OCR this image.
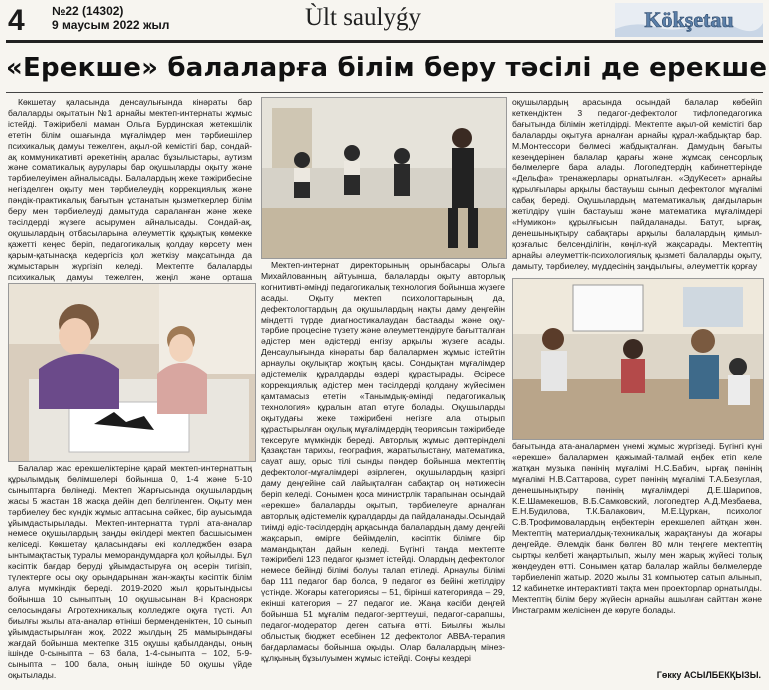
4 №22 (14302)
9 маусым 2022 жыл	Ùlt saulyǵy	Kökşetau
«Ерекше» балаларға білім беру тәсілі де ерекше

Көкшетау қаласында денсаулығында кінәраты бар балаларды оқытатын №1 арнайы мектеп-интернаты жұмыс істейді. Тәжірибелі маман Ольга Бурдинская жетекшілік ететін білім ошағында мұғалімдер мен тәрбиешілер психикалық дамуы тежелген, ақыл-ой кемістігі бар, сондай-ақ коммуникативті әрекетінің аралас бұзылыстары, аутизм және соматикалық аурулары бар оқушыларды оқыту және тәрбиелеуімен айналысады. Балалардың жеке тәжірибесіне негізделген оқыту мен тәрбиелеудің коррекциялық және пәндік-практикалық бағытын ұстанатын қызметкерлер білім беру мен тәрбиелеуді дамытуда сараланған және жеке тәсілдерді жүзеге асырумен айналысады. Сондай-ақ, оқушылардың отбасыларына әлеуметтік құқықтық көмекке қажетті кеңес беріп, педагогикалық қолдау көрсету мен қарым-қатынасқа кедергісіз қол жеткізу мақсатында да жұмыстарын жүргізіп келеді. Мектепте балаларды психикалық дамуы тежелген, жеңіл және орташа

Балалар жас ерекшеліктеріне қарай мектеп-интернаттың құрылымдық бөлімшелері бойынша 0, 1-4 және 5-10 сыныптарға бөлінеді. Мектеп Жарғысында оқушылардың жасы 5 жастан 18 жасқа дейін деп белгіленген. Оқыту мен тәрбиелеу бес күндік жұмыс аптасына сәйкес, бір ауысымда ұйымдастырылады. Мектеп-интернатта түрлі ата-аналар немесе оқушылардың заңды өкілдері мектеп басшысымен келіседі. Көкшетау қаласындағы екі колледжбен өзара ынтымақтастық туралы меморандумдарға қол қойылды. Бұл кәсіптік бағдар беруді ұйымдастыруға оң әсерін тигізіп, түлектерге осы оқу орындарынан жан-жақты кәсіптік білім алуға мүмкіндік береді. 2019-2020 жыл қорытындысы бойынша 10 сыныптың 10 оқушысынан 8-і Красноярк селосындағы Агротехникалық колледжге оқуға түсті. Ал биылғы жылы ата-аналар өтініші берменденіктен, 10 сынып ұйымдастырылған жоқ. 2022 жылдың 25 мамырындағы жағдай бойынша мектепке 315 оқушы қабылданды, оның ішінде 0-сыныпта – 63 бала, 1-4-сыныпта – 102, 5-9-сыныпта – 100 бала, оның ішінде 50 оқушы үйде оқытылады.

Мектеп-интернат директорының орынбасары Ольга Михайлованның айтуынша, балаларды оқыту авторлық когнитивті-әмінді педагогикалық технология бойынша жүзеге асады. Оқыту мектеп психологтарының да, дефектологтардың да оқушылардың нақты даму деңгейін міндетті түрде диагностикалаудан бастаады және оқу-тәрбие процесіне түзету және әлеуметтендіруге бағытталған әдістер мен әдістерді енгізу арқылы жүзеге асады. Денсаулығында кінәраты бар балалармен жұмыс істейтін арнаулы оқулықтар жоқтың қасы. Сондықтан мұғалімдер әдістемелік құралдарды өздері құрастырады. Әсіресе коррекциялық әдістер мен тәсілдерді қолдану жүйесімен қамтамасыз ететін «Танымдық-әмінді педагогикалық технология» құралын атап өтуге болады. Оқушыларды оқытудағы жеке тәжірибені негізге ала отырып құрастырылған оқулық мұғалімдердің теориясын тәжірибеде тексеруге мүмкіндік береді. Авторлық жұмыс дәптерінделі Қазақстан тарихы, география, жаратылыстану, математика, сауат ашу, орыс тілі сынды пәндер бойынша мектептің дефектолог-мұғалімдері әзірлеген, оқушылардың қазіргі даму деңгейіне сай лайықталған сабақтар оң нәтижесін беріп келеді. Сонымен қоса министрлік тарапынан осындай «ерекше» балаларды оқытып, тәрбиелеуге арналған авторлық әдістемелік құралдарды да пайдаланады.Осындай тиімді әдіс-тәсілдердің арқасында балалардың даму деңгейі жақсарып, өмірге бейімделіп, кәсіптік білімге бір мамандықтан дайын келеді. Бүгінгі таңда мектепте тәжірибелі 123 педагог қызмет істейді. Олардың дефектолог немесе бейінді білімі болуы талап етіледі. Арнаулы білімі бар 111 педагог бар болса, 9 педагог өз бейіні жетілдіру үстінде. Жоғары категориясы – 51, бірінші категорияда – 29, екінші категория – 27 педагог ие. Жаңа кәсіби деңгей бойынша 51 мұғалім педагог-зерттеуші, педагог-сарапшы, педагог-модератор деген сатыға өтті. Биылғы жылы облыстық бюджет есебінен 12 дефектолог АВВА-терапия бағдарламасы бойынша оқыды. Олар балалардың мінез-құлқының бұзылуымен жұмыс істейді. Соңғы кездері

оқушылардың арасында осындай балалар көбейіп кеткендіктен 3 педагог-дефектолог тифлопедагогика бағытында білімін жетілдірді. Мектепте ақыл-ой кемістігі бар балаларды оқытуға арналған арнайы құрал-жабдықтар бар. М.Монтессори бөлмесі жабдықталған. Дамудың бағыты кезеңдерінен балалар қарағы және жұмсақ сенсорлық бөлмелерге бара алады. Логопедтердің кабинеттерінде «Дельфа» тренажерлары орнатылған. «ЭдуКесет» арнайы құрылғылары арқылы бастауыш сынып дефектолог мұғалімі сабақ береді. Оқушылардың математикалық дағдыларын жетілдіру үшін бастауыш және математика мұғалімдері «Нумикон» құрылғысын пайдаланады. Батут, ырғақ, денешынықтыру сабақтары арқылы балалардың қимыл-қозғалыс белсенділігін, көңіл-күй жақсарады. Мектептің арнайы әлеуметтік-психологиялық қызметі балаларды оқыту, дамыту, тәрбиелеу, мүддесінің заңдылығы, әлеуметтік қорғау

бағытында ата-аналармен үнемі жұмыс жүргізеді. Бүгінгі күні «ерекше» балалармен қажымай-талмай еңбек етіп келе жатқан музыка пәнінің мұғалімі Н.С.Бабич, ырғақ пәнінің мұғалімі Н.В.Саттарова, сурет пәнінің мұғалімі Т.А.Безуглая, денешынықтыру пәнінің мұғалімдері Д.Е.Шарипов, К.Е.Шамекешов, В.Б.Самковский, логопедтер А.Д.Мезбаева, Е.Н.Будилова, Т.К.Балакович, М.Е.Цуркан, психолог С.В.Трофимовалардың еңбектерін ерекшелеп айтқан жөн. Мектептің материалдық-техникалық жарақтануы да жоғары деңгейде. Әлемдік банк бөлген 80 млн теңгеге мектептің сыртқы келбеті жаңартылып, жылу мен жарық жүйесі толық жөндеуден өтті. Сонымен қатар балалар жайлы бөлмелерде тәрбиеленіп жатыр. 2020 жылы 31 компьютер сатып алынып, 12 кабинетке интерактивті тақта мен проекторлар орнатылды. Мектептің білім беру жүйесін арнайы ашылған сайттан және Инстаграмм желісінен де көруге болады.

Гөкку АСЫЛБЕКҚЫЗЫ.
